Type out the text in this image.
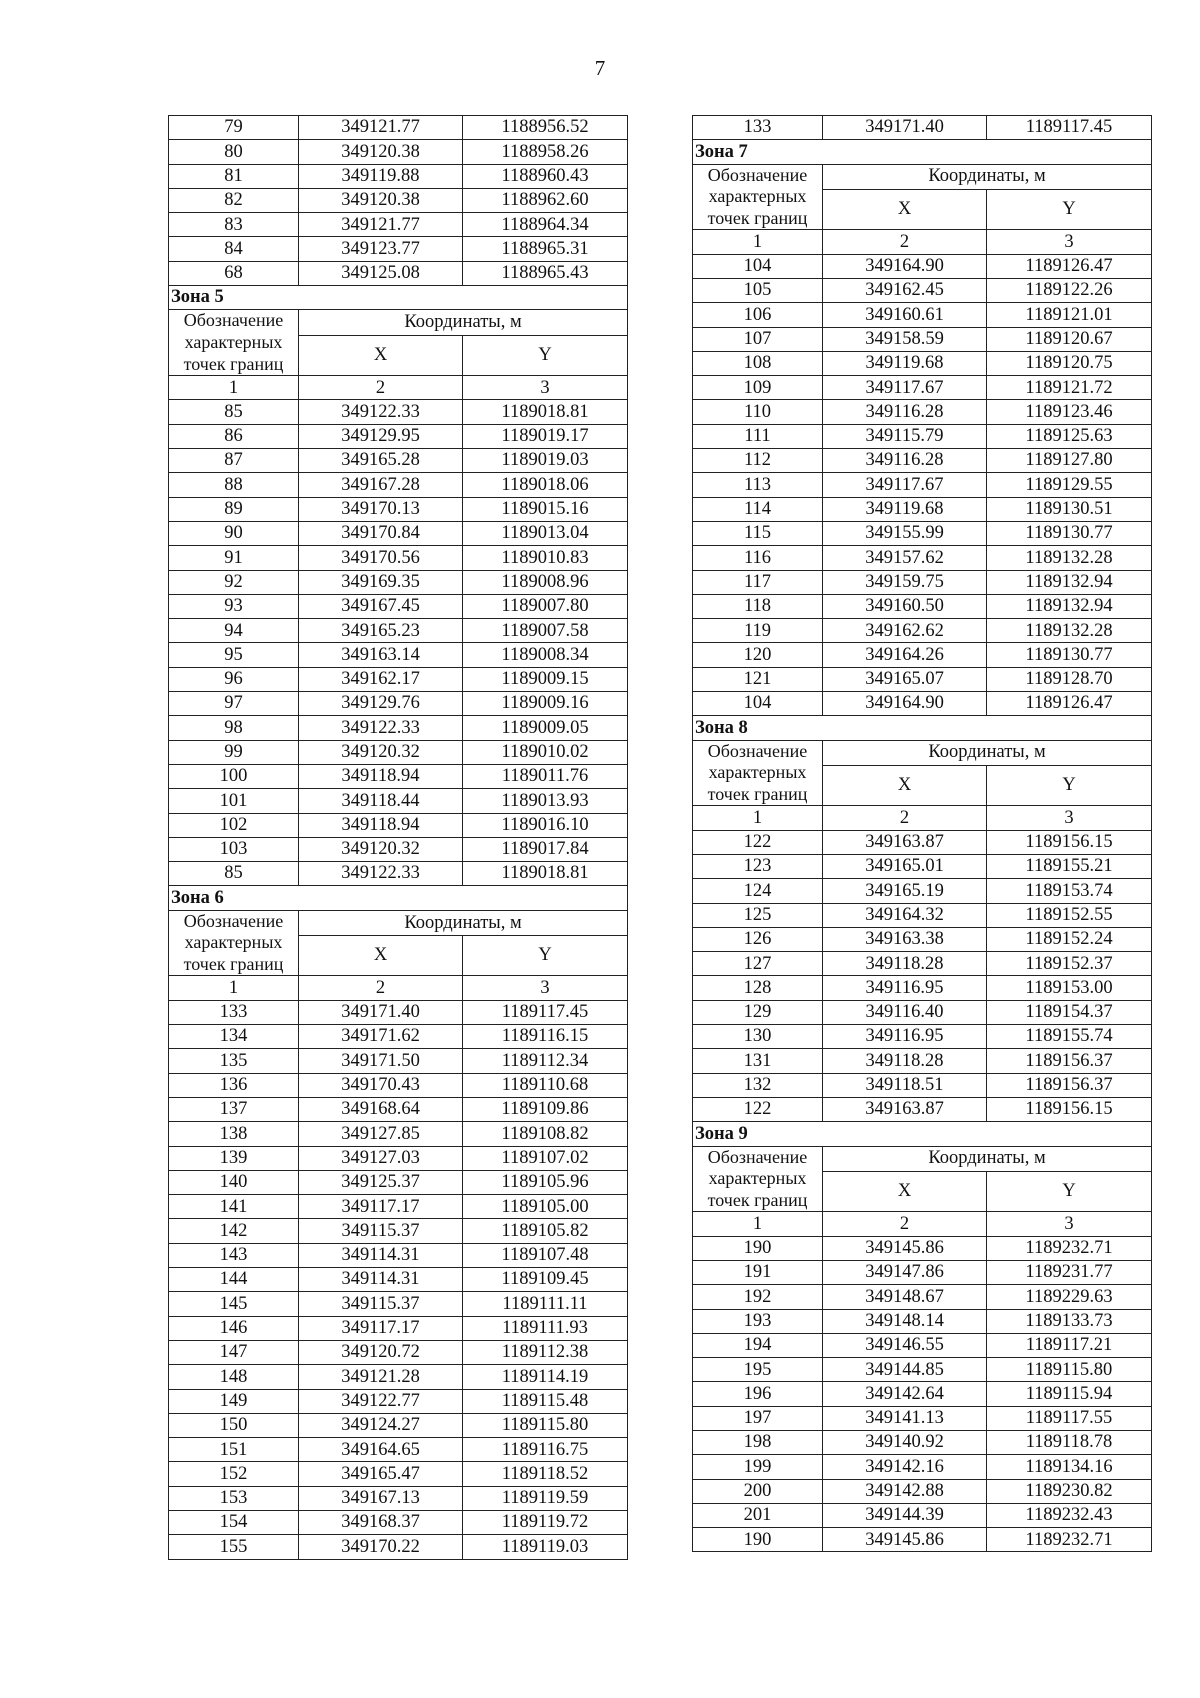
7
79	349121.77	1188956.52
80	349120.38	1188958.26
81	349119.88	1188960.43
82	349120.38	1188962.60
83	349121.77	1188964.34
84	349123.77	1188965.31
68	349125.08	1188965.43
Зона 5		
Обозначение
характерных
точек границ	Координаты, м	
	X	Y
1	2	3
85	349122.33	1189018.81
86	349129.95	1189019.17
87	349165.28	1189019.03
88	349167.28	1189018.06
89	349170.13	1189015.16
90	349170.84	1189013.04
91	349170.56	1189010.83
92	349169.35	1189008.96
93	349167.45	1189007.80
94	349165.23	1189007.58
95	349163.14	1189008.34
96	349162.17	1189009.15
97	349129.76	1189009.16
98	349122.33	1189009.05
99	349120.32	1189010.02
100	349118.94	1189011.76
101	349118.44	1189013.93
102	349118.94	1189016.10
103	349120.32	1189017.84
85	349122.33	1189018.81
Зона 6		
Обозначение
характерных
точек границ	Координаты, м	
	X	Y
1	2	3
133	349171.40	1189117.45
134	349171.62	1189116.15
135	349171.50	1189112.34
136	349170.43	1189110.68
137	349168.64	1189109.86
138	349127.85	1189108.82
139	349127.03	1189107.02
140	349125.37	1189105.96
141	349117.17	1189105.00
142	349115.37	1189105.82
143	349114.31	1189107.48
144	349114.31	1189109.45
145	349115.37	1189111.11
146	349117.17	1189111.93
147	349120.72	1189112.38
148	349121.28	1189114.19
149	349122.77	1189115.48
150	349124.27	1189115.80
151	349164.65	1189116.75
152	349165.47	1189118.52
153	349167.13	1189119.59
154	349168.37	1189119.72
155	349170.22	1189119.03
133	349171.40	1189117.45
Зона 7		
Обозначение
характерных
точек границ	Координаты, м	
	X	Y
1	2	3
104	349164.90	1189126.47
105	349162.45	1189122.26
106	349160.61	1189121.01
107	349158.59	1189120.67
108	349119.68	1189120.75
109	349117.67	1189121.72
110	349116.28	1189123.46
111	349115.79	1189125.63
112	349116.28	1189127.80
113	349117.67	1189129.55
114	349119.68	1189130.51
115	349155.99	1189130.77
116	349157.62	1189132.28
117	349159.75	1189132.94
118	349160.50	1189132.94
119	349162.62	1189132.28
120	349164.26	1189130.77
121	349165.07	1189128.70
104	349164.90	1189126.47
Зона 8		
Обозначение
характерных
точек границ	Координаты, м	
	X	Y
1	2	3
122	349163.87	1189156.15
123	349165.01	1189155.21
124	349165.19	1189153.74
125	349164.32	1189152.55
126	349163.38	1189152.24
127	349118.28	1189152.37
128	349116.95	1189153.00
129	349116.40	1189154.37
130	349116.95	1189155.74
131	349118.28	1189156.37
132	349118.51	1189156.37
122	349163.87	1189156.15
Зона 9		
Обозначение
характерных
точек границ	Координаты, м	
	X	Y
1	2	3
190	349145.86	1189232.71
191	349147.86	1189231.77
192	349148.67	1189229.63
193	349148.14	1189133.73
194	349146.55	1189117.21
195	349144.85	1189115.80
196	349142.64	1189115.94
197	349141.13	1189117.55
198	349140.92	1189118.78
199	349142.16	1189134.16
200	349142.88	1189230.82
201	349144.39	1189232.43
190	349145.86	1189232.71
